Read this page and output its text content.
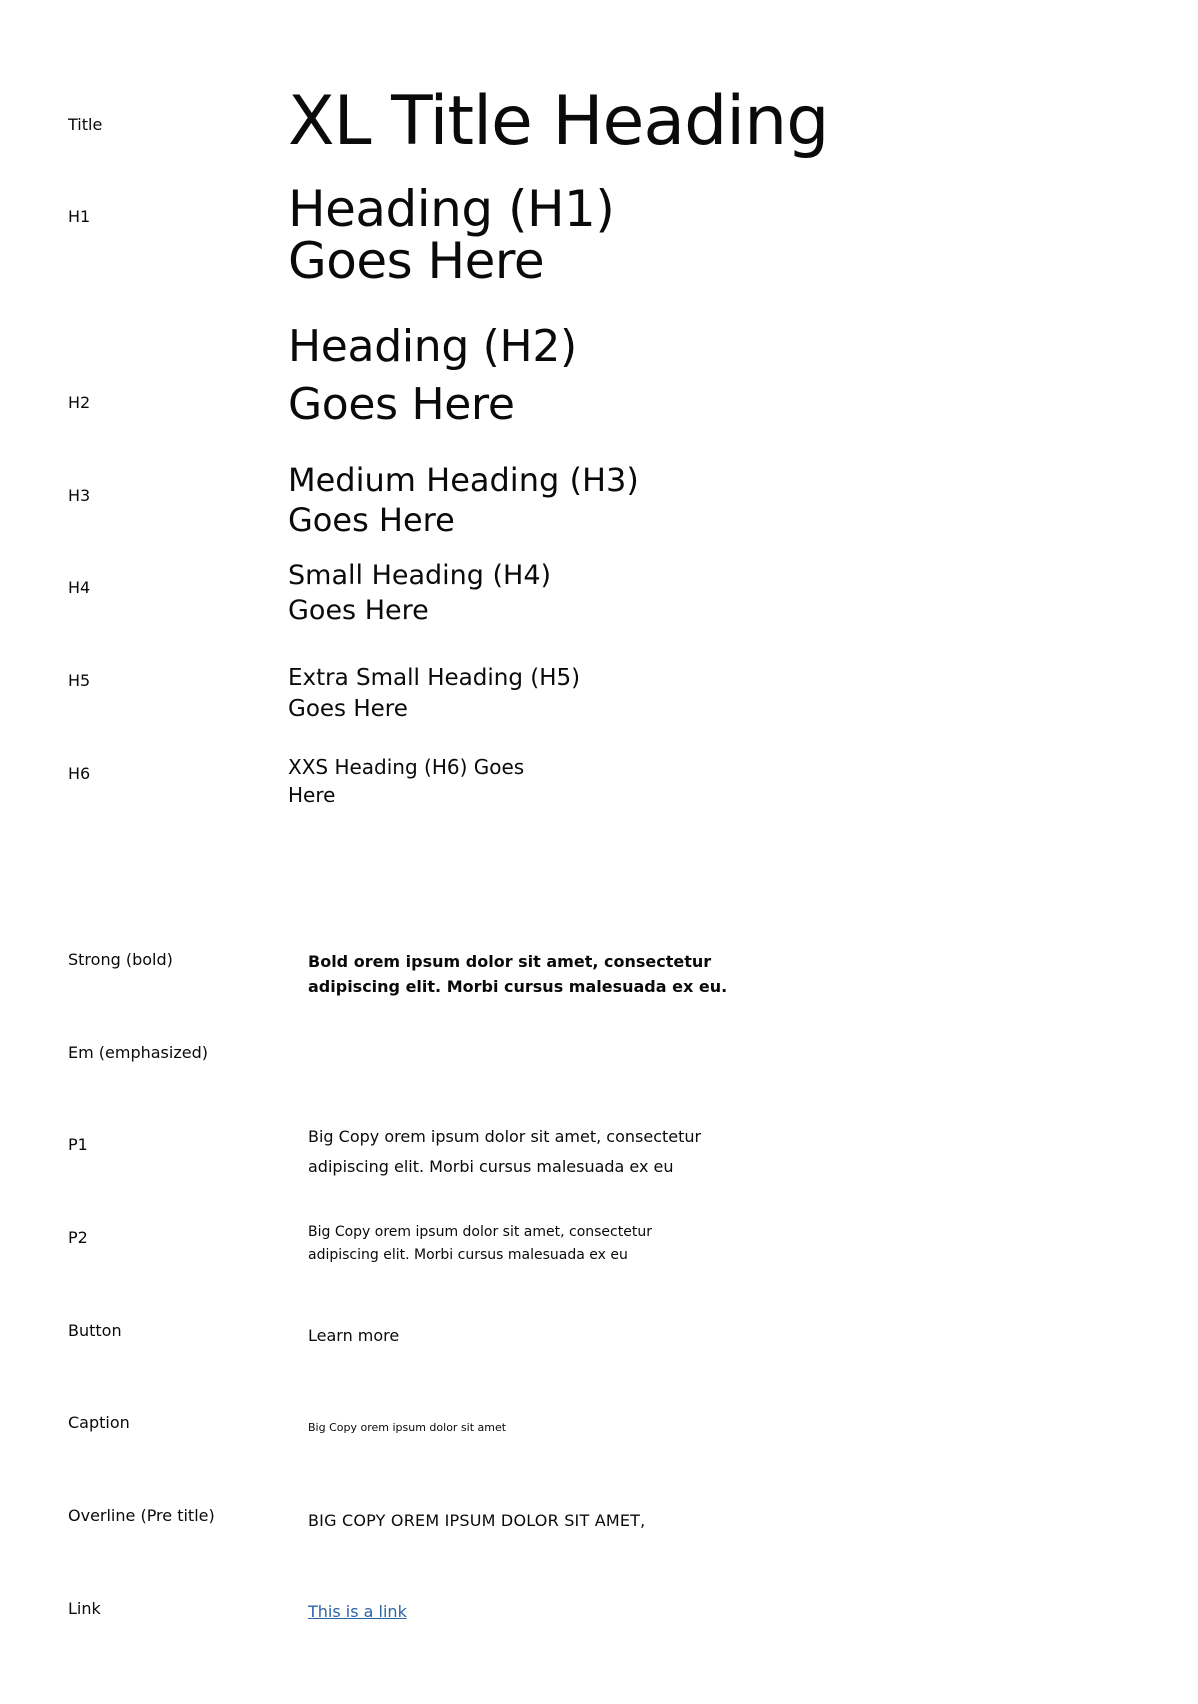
Title
H1
H2
H3
H4
H5
H6
Strong (bold)
Em (emphasized)
P1
P2
Button
Caption
Overline (Pre title)
Link
XL Title Heading
Heading (H1)
Goes Here
Heading (H2)
Goes Here
Medium Heading (H3)
Goes Here
Small Heading (H4)
Goes Here
Extra Small Heading (H5)
Goes Here
XXS Heading (H6) Goes
Here
Bold orem ipsum dolor sit amet, consectetur
adipiscing elit. Morbi cursus malesuada ex eu.
Big Copy orem ipsum dolor sit amet, consectetur
adipiscing elit. Morbi cursus malesuada ex eu
Big Copy orem ipsum dolor sit amet, consectetur
adipiscing elit. Morbi cursus malesuada ex eu
Learn more
Big Copy orem ipsum dolor sit amet
BIG COPY OREM IPSUM DOLOR SIT AMET,
This is a link
